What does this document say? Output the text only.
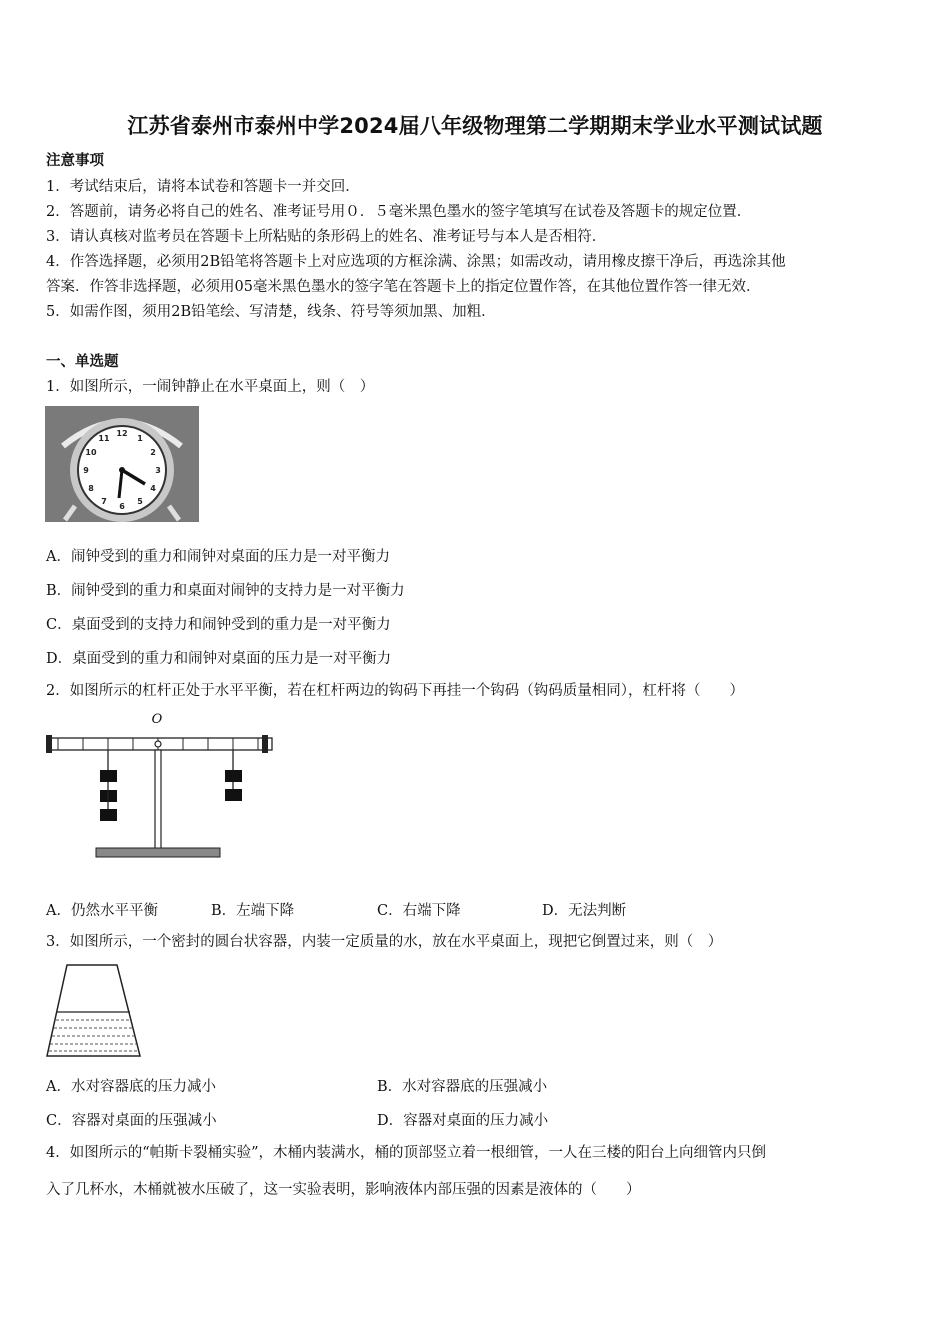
江苏省泰州市泰州中学2024届八年级物理第二学期期末学业水平测试试题
注意事项
1．考试结束后，请将本试卷和答题卡一并交回．
2．答题前，请务必将自己的姓名、准考证号用０．５毫米黑色墨水的签字笔填写在试卷及答题卡的规定位置．
3．请认真核对监考员在答题卡上所粘贴的条形码上的姓名、准考证号与本人是否相符．
4．作答选择题，必须用2B铅笔将答题卡上对应选项的方框涂满、涂黑；如需改动，请用橡皮擦干净后，再选涂其他
答案．作答非选择题，必须用05毫米黑色墨水的签字笔在答题卡上的指定位置作答，在其他位置作答一律无效．
5．如需作图，须用2B铅笔绘、写清楚，线条、符号等须加黑、加粗．
一、单选题
1．如图所示，一闹钟静止在水平桌面上，则（　）
12
1
2
3
4
5
6
7
8
9
10
11
A．闹钟受到的重力和闹钟对桌面的压力是一对平衡力
B．闹钟受到的重力和桌面对闹钟的支持力是一对平衡力
C．桌面受到的支持力和闹钟受到的重力是一对平衡力
D．桌面受到的重力和闹钟对桌面的压力是一对平衡力
2．如图所示的杠杆正处于水平平衡，若在杠杆两边的钩码下再挂一个钩码（钩码质量相同），杠杆将（　　）
O
A．仍然水平平衡	B．左端下降	C．右端下降	D．无法判断
3．如图所示，一个密封的圆台状容器，内装一定质量的水，放在水平桌面上，现把它倒置过来，则（　）
A．水对容器底的压力减小	B．水对容器底的压强减小
C．容器对桌面的压强减小	D．容器对桌面的压力减小
4．如图所示的“帕斯卡裂桶实验”，木桶内装满水，桶的顶部竖立着一根细管，一人在三楼的阳台上向细管内只倒
入了几杯水，木桶就被水压破了，这一实验表明，影响液体内部压强的因素是液体的（　　）
